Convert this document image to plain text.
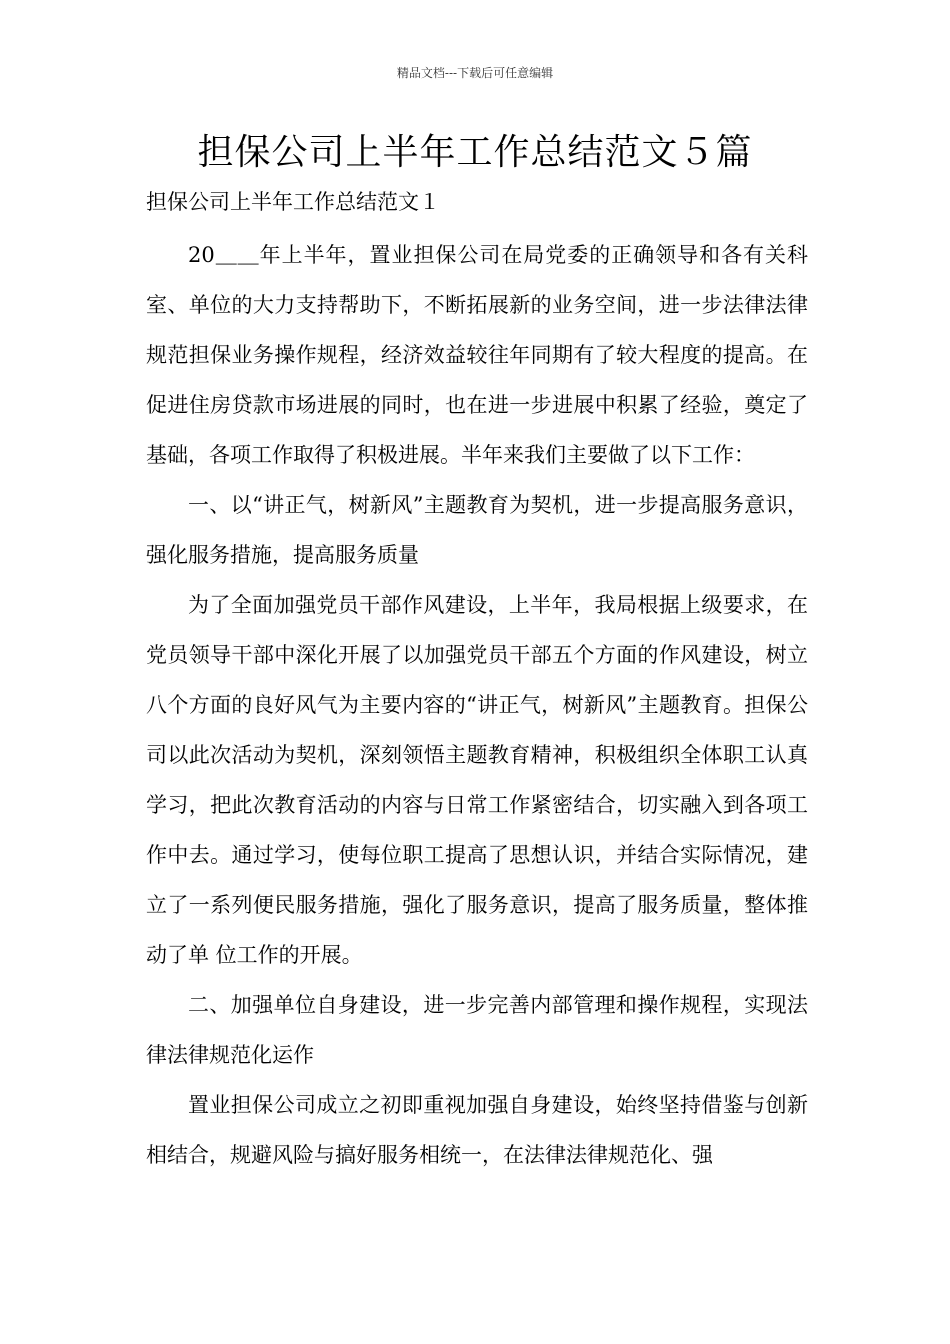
精品文档---下载后可任意编辑
担保公司上半年工作总结范文５篇
担保公司上半年工作总结范文１

20＿＿年上半年，置业担保公司在局党委的正确领导和各有关科室、单位的大力支持帮助下，不断拓展新的业务空间，进一步法律法律规范担保业务操作规程，经济效益较往年同期有了较大程度的提高。在促进住房贷款市场进展的同时，也在进一步进展中积累了经验，奠定了基础，各项工作取得了积极进展。半年来我们主要做了以下工作：

一、以“讲正气，树新风”主题教育为契机，进一步提高服务意识，强化服务措施，提高服务质量

为了全面加强党员干部作风建设，上半年，我局根据上级要求，在党员领导干部中深化开展了以加强党员干部五个方面的作风建设，树立八个方面的良好风气为主要内容的“讲正气，树新风”主题教育。担保公司以此次活动为契机，深刻领悟主题教育精神，积极组织全体职工认真学习，把此次教育活动的内容与日常工作紧密结合，切实融入到各项工作中去。通过学习，使每位职工提高了思想认识，并结合实际情况，建立了一系列便民服务措施，强化了服务意识，提高了服务质量，整体推动了单 位工作的开展。

二、加强单位自身建设，进一步完善内部管理和操作规程，实现法律法律规范化运作

置业担保公司成立之初即重视加强自身建设，始终坚持借鉴与创新相结合，规避风险与搞好服务相统一，在法律法律规范化、强
